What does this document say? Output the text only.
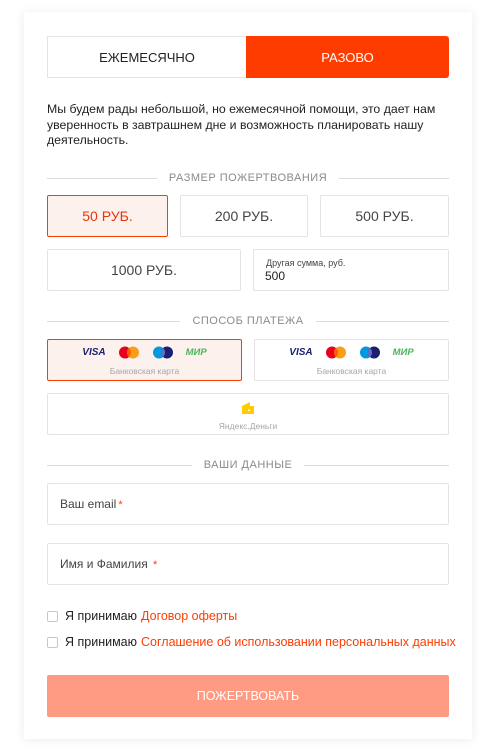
ЕЖЕМЕСЯЧНО	РАЗОВО
Мы будем рады небольшой, но ежемесячной помощи, это дает нам уверенность в завтрашнем дне и возможность планировать нашу деятельность.
РАЗМЕР ПОЖЕРТВОВАНИЯ
50 РУБ.	200 РУБ.	500 РУБ.
1000 РУБ.	Другая сумма, руб.
500
СПОСОБ ПЛАТЕЖА
VISA	МИР
Банковская карта
VISA	МИР
Банковская карта
Яндекс.Деньги
ВАШИ ДАННЫЕ
Ваш email *
Имя и Фамилия *
Я принимаю Договор оферты
Я принимаю Соглашение об использовании персональных данных
ПОЖЕРТВОВАТЬ
